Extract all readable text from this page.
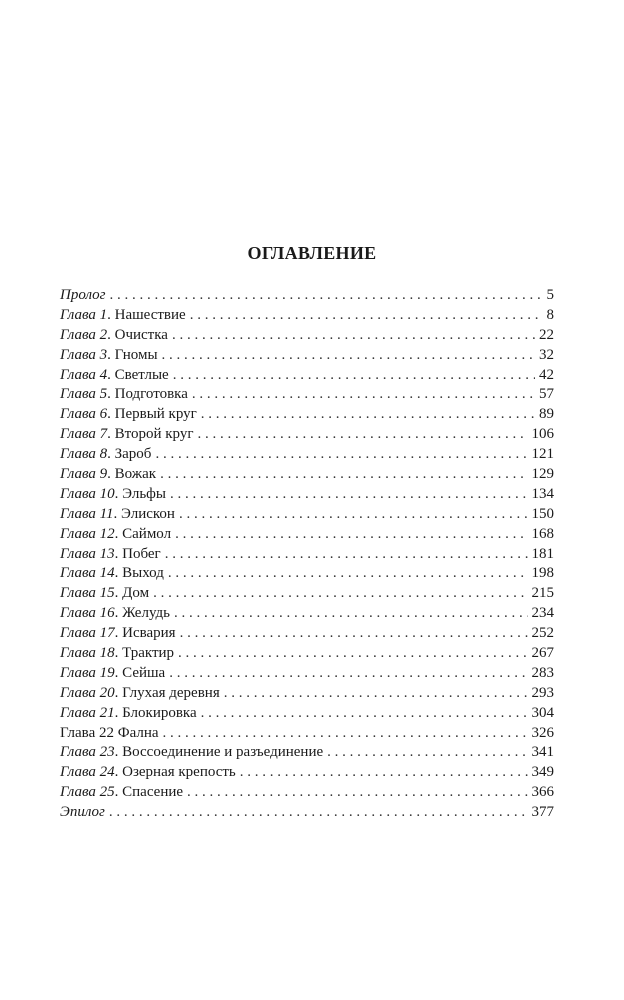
ОГЛАВЛЕНИЕ
Пролог . . .	5
Глава 1. Нашествие . . .	8
Глава 2. Очистка . . .	22
Глава 3. Гномы . . .	32
Глава 4. Светлые . . .	42
Глава 5. Подготовка . . .	57
Глава 6. Первый круг . . .	89
Глава 7. Второй круг . . .	106
Глава 8. Зароб . . .	121
Глава 9. Вожак . . .	129
Глава 10. Эльфы . . .	134
Глава 11. Элискон . . .	150
Глава 12. Саймол . . .	168
Глава 13. Побег . . .	181
Глава 14. Выход . . .	198
Глава 15. Дом . . .	215
Глава 16. Желудь . . .	234
Глава 17. Исвария . . .	252
Глава 18. Трактир . . .	267
Глава 19. Сейша . . .	283
Глава 20. Глухая деревня . . .	293
Глава 21. Блокировка . . .	304
Глава 22 Фална . . .	326
Глава 23. Воссоединение и разъединение . . .	341
Глава 24. Озерная крепость . . .	349
Глава 25. Спасение . . .	366
Эпилог . . .	377
